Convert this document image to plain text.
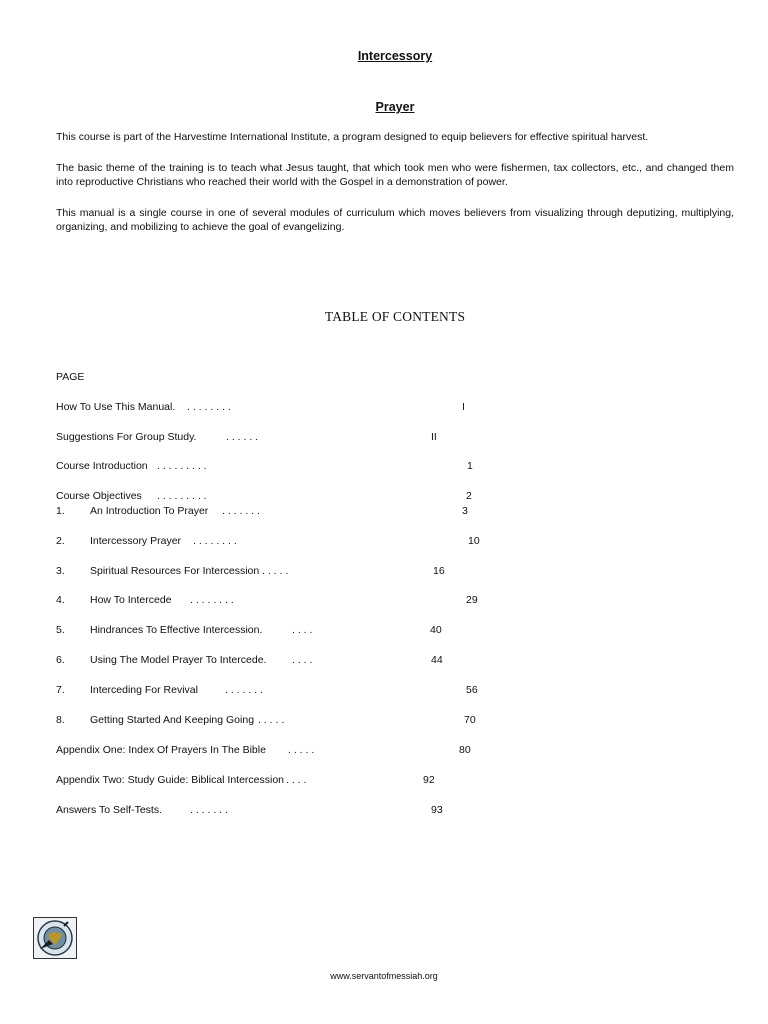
Intercessory
Prayer
This course is part of the Harvestime International Institute, a program designed to equip believers for effective spiritual harvest.
The basic theme of the training is to teach what Jesus taught, that which took men who were fishermen, tax collectors, etc., and changed them into reproductive Christians who reached their world with the Gospel in a demonstration of power.
This manual is a single course in one of several modules of curriculum which moves believers from visualizing through deputizing, multiplying, organizing, and mobilizing to achieve the goal of evangelizing.
TABLE OF CONTENTS
PAGE
How To Use This Manual. . . . . . . . .	I
Suggestions For Group Study.	. . . . . .	II
Course Introduction . . . . . . . . .	1
Course Objectives . . . . . . . . .	2
1. An Introduction To Prayer . . . . . . .	3
2. Intercessory Prayer . . . . . . . .	10
3. Spiritual Resources For Intercession . . . . .	16
4. How To Intercede . . . . . . . .	29
5. Hindrances To Effective Intercession.	. . . .	40
6. Using The Model Prayer To Intercede. . . . .	44
7. Interceding For Revival	. . . . . . .	56
8. Getting Started And Keeping Going . . . . .	70
Appendix One: Index Of Prayers In The Bible . . . . .	80
Appendix Two: Study Guide: Biblical Intercession . . . .	92
Answers To Self-Tests.	. . . . . . .	93
www.servantofmessiah.org
